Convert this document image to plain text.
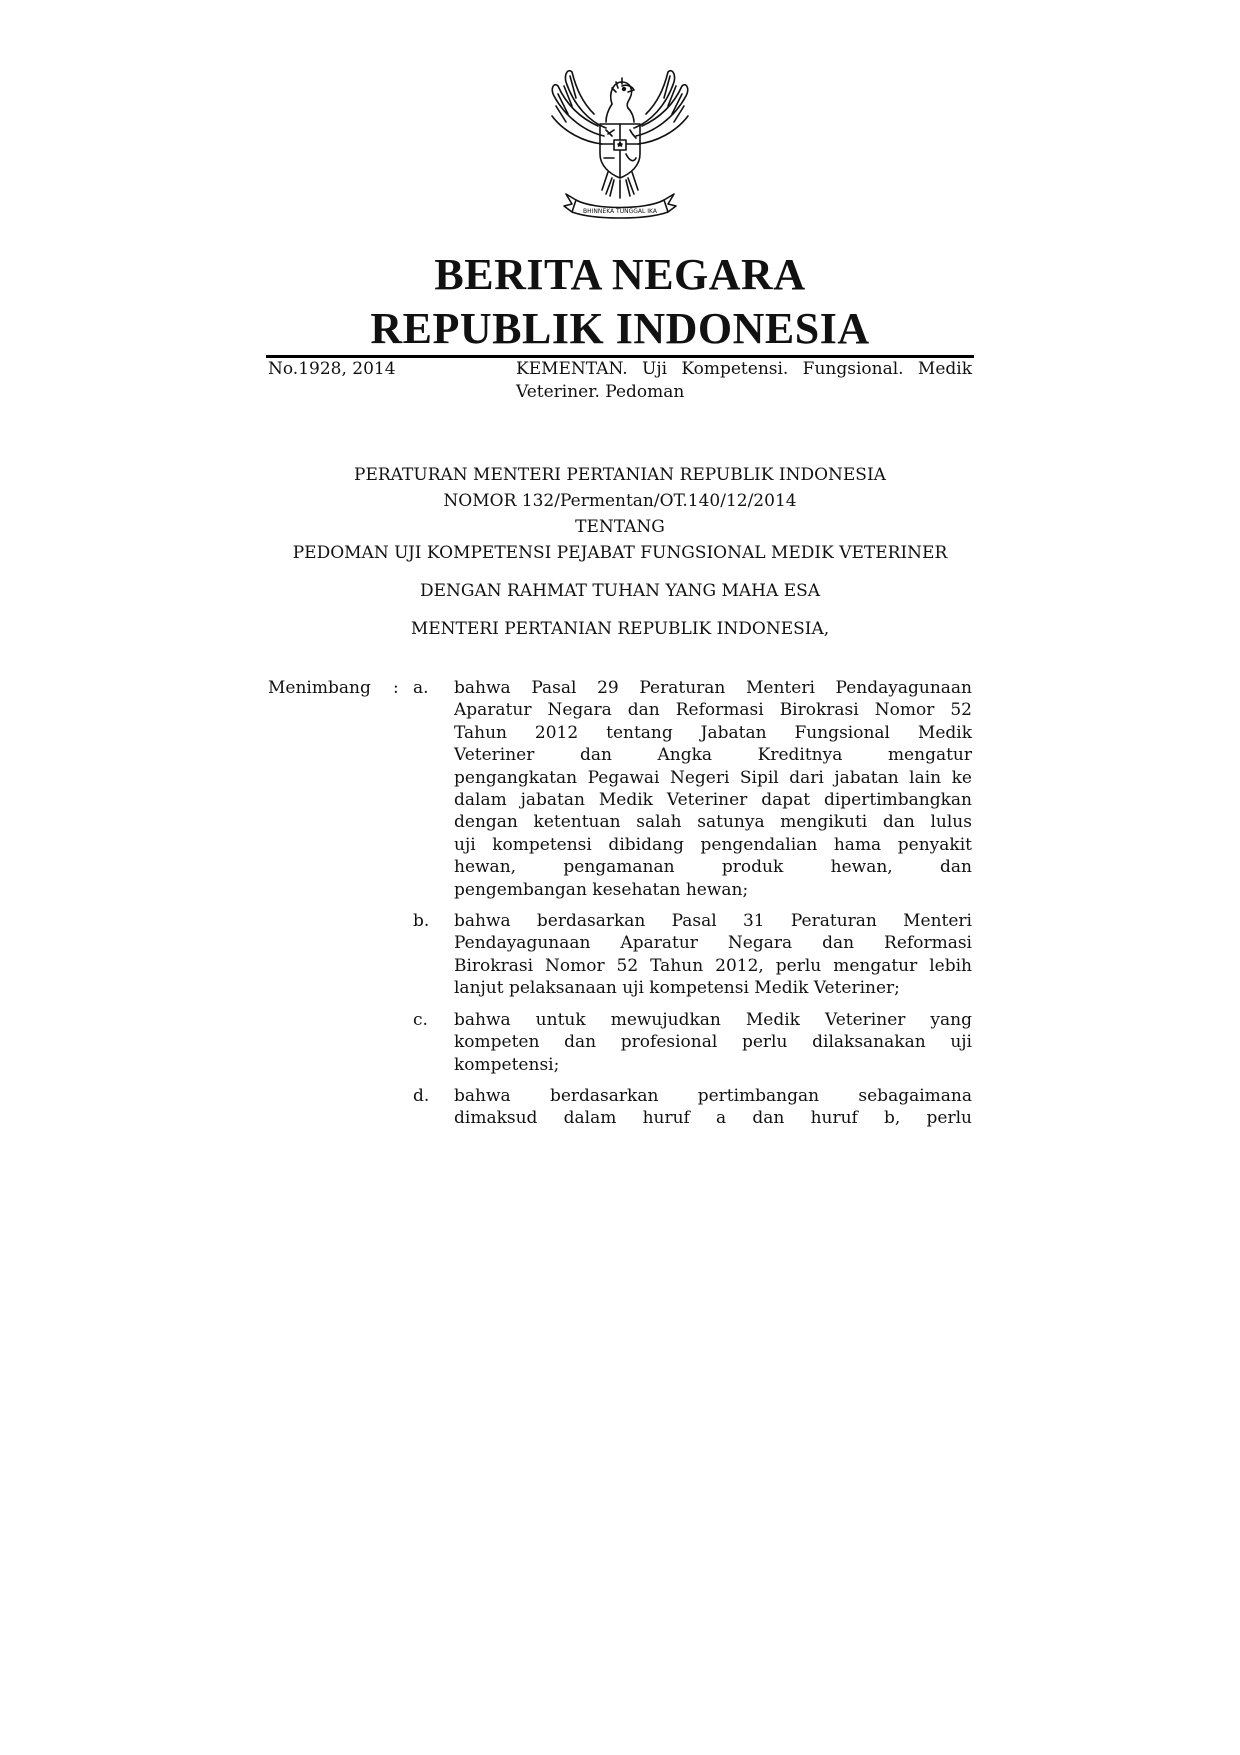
BHINNEKA TUNGGAL IKA
BERITA NEGARA
REPUBLIK INDONESIA
No.1928, 2014	KEMENTAN. Uji Kompetensi. Fungsional. Medik
Veteriner. Pedoman
PERATURAN MENTERI PERTANIAN REPUBLIK INDONESIA
NOMOR 132/Permentan/OT.140/12/2014
TENTANG
PEDOMAN UJI KOMPETENSI PEJABAT FUNGSIONAL MEDIK VETERINER
DENGAN RAHMAT TUHAN YANG MAHA ESA
MENTERI PERTANIAN REPUBLIK INDONESIA,
Menimbang : a. bahwa Pasal 29 Peraturan Menteri Pendayagunaan
Aparatur Negara dan Reformasi Birokrasi Nomor 52
Tahun 2012 tentang Jabatan Fungsional Medik
Veteriner dan Angka Kreditnya mengatur
pengangkatan Pegawai Negeri Sipil dari jabatan lain ke
dalam jabatan Medik Veteriner dapat dipertimbangkan
dengan ketentuan salah satunya mengikuti dan lulus
uji kompetensi dibidang pengendalian hama penyakit
hewan, pengamanan produk hewan, dan
pengembangan kesehatan hewan;
b. bahwa berdasarkan Pasal 31 Peraturan Menteri
Pendayagunaan Aparatur Negara dan Reformasi
Birokrasi Nomor 52 Tahun 2012, perlu mengatur lebih
lanjut pelaksanaan uji kompetensi Medik Veteriner;
c. bahwa untuk mewujudkan Medik Veteriner yang
kompeten dan profesional perlu dilaksanakan uji
kompetensi;
d. bahwa berdasarkan pertimbangan sebagaimana
dimaksud dalam huruf a dan huruf b, perlu
